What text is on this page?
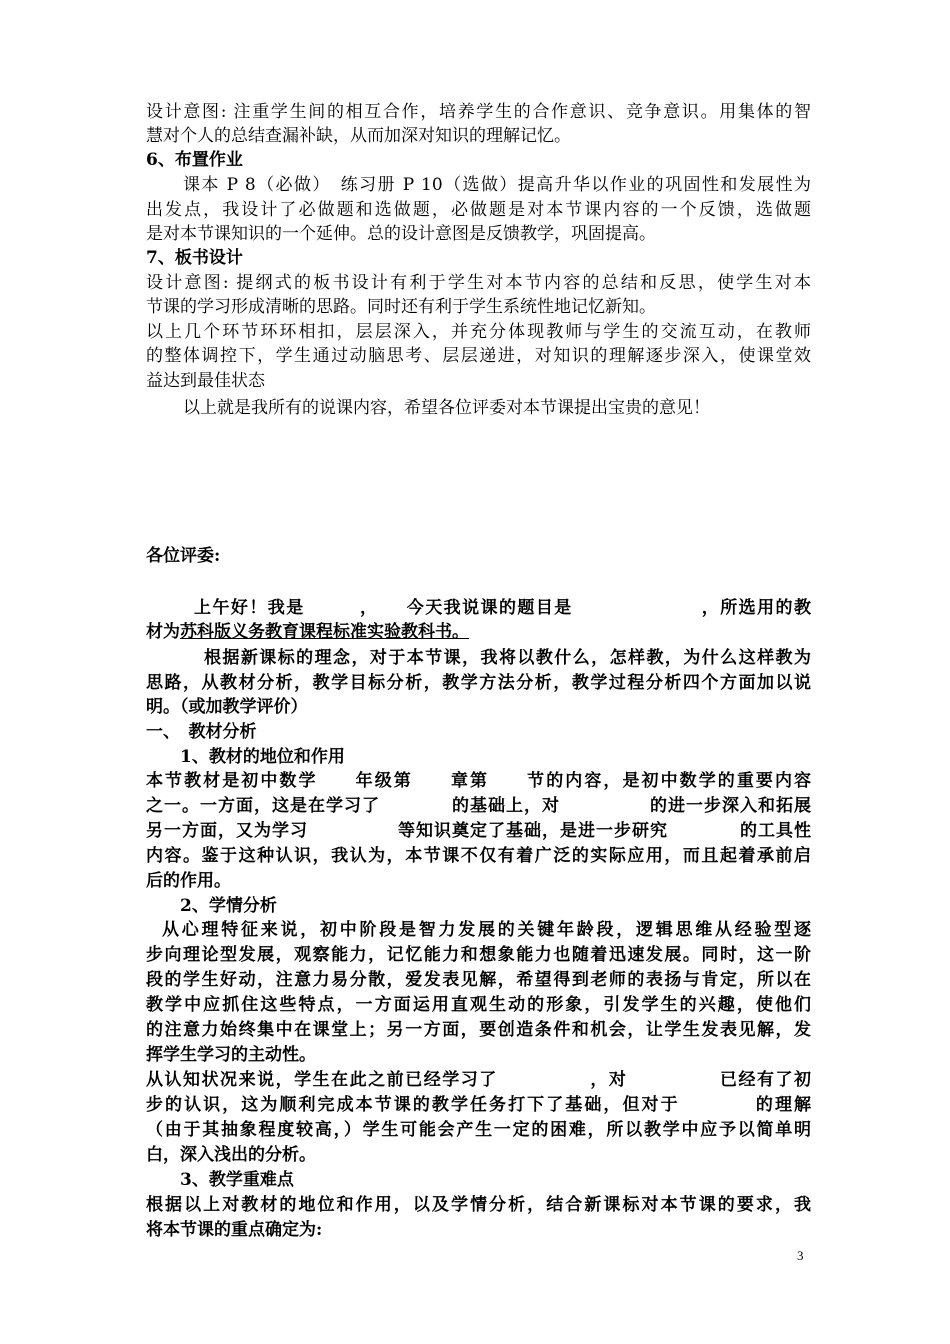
设计意图: 注重学生间的相互合作，培养学生的合作意识、竞争意识。用集体的智
慧对个人的总结查漏补缺，从而加深对知识的理解记忆。
6、布置作业
课本 P 8（必做）　练习册 P 10（选做）提高升华以作业的巩固性和发展性为
出发点，我设计了必做题和选做题，必做题是对本节课内容的一个反馈，选做题
是对本节课知识的一个延伸。总的设计意图是反馈教学，巩固提高。
7、板书设计
设计意图: 提纲式的板书设计有利于学生对本节内容的总结和反思，使学生对本
节课的学习形成清晰的思路。同时还有利于学生系统性地记忆新知。
以上几个环节环环相扣，层层深入，并充分体现教师与学生的交流互动，在教师
的整体调控下，学生通过动脑思考、层层递进，对知识的理解逐步深入，使课堂效
益达到最佳状态
以上就是我所有的说课内容，希望各位评委对本节课提出宝贵的意见！
各位评委:
上午好！我是　　　，　　今天我说课的题目是　　　　　　　，所选用的教
材为苏科版义务教育课程标准实验教科书。
根据新课标的理念，对于本节课，我将以教什么，怎样教，为什么这样教为
思路，从教材分析，教学目标分析，教学方法分析，教学过程分析四个方面加以说
明。（或加教学评价）
一、　教材分析
1、教材的地位和作用
本节教材是初中数学　　年级第　　章第　　节的内容，是初中数学的重要内容
之一。一方面，这是在学习了　　　　的基础上，对　　　　　的进一步深入和拓展
另一方面，又为学习　　　　　等知识奠定了基础，是进一步研究　　　　的工具性
内容。鉴于这种认识，我认为，本节课不仅有着广泛的实际应用，而且起着承前启
后的作用。
2、学情分析
从心理特征来说，初中阶段是智力发展的关键年龄段，逻辑思维从经验型逐
步向理论型发展，观察能力，记忆能力和想象能力也随着迅速发展。同时，这一阶
段的学生好动，注意力易分散，爱发表见解，希望得到老师的表扬与肯定，所以在
教学中应抓住这些特点，一方面运用直观生动的形象，引发学生的兴趣，使他们
的注意力始终集中在课堂上；另一方面，要创造条件和机会，让学生发表见解，发
挥学生学习的主动性。
从认知状况来说，学生在此之前已经学习了　　　　　，对　　　　　已经有了初
步的认识，这为顺利完成本节课的教学任务打下了基础，但对于　　　　的理解
（由于其抽象程度较高，）学生可能会产生一定的困难，所以教学中应予以简单明
白，深入浅出的分析。
3、教学重难点
根据以上对教材的地位和作用，以及学情分析，结合新课标对本节课的要求，我
将本节课的重点确定为:
3
